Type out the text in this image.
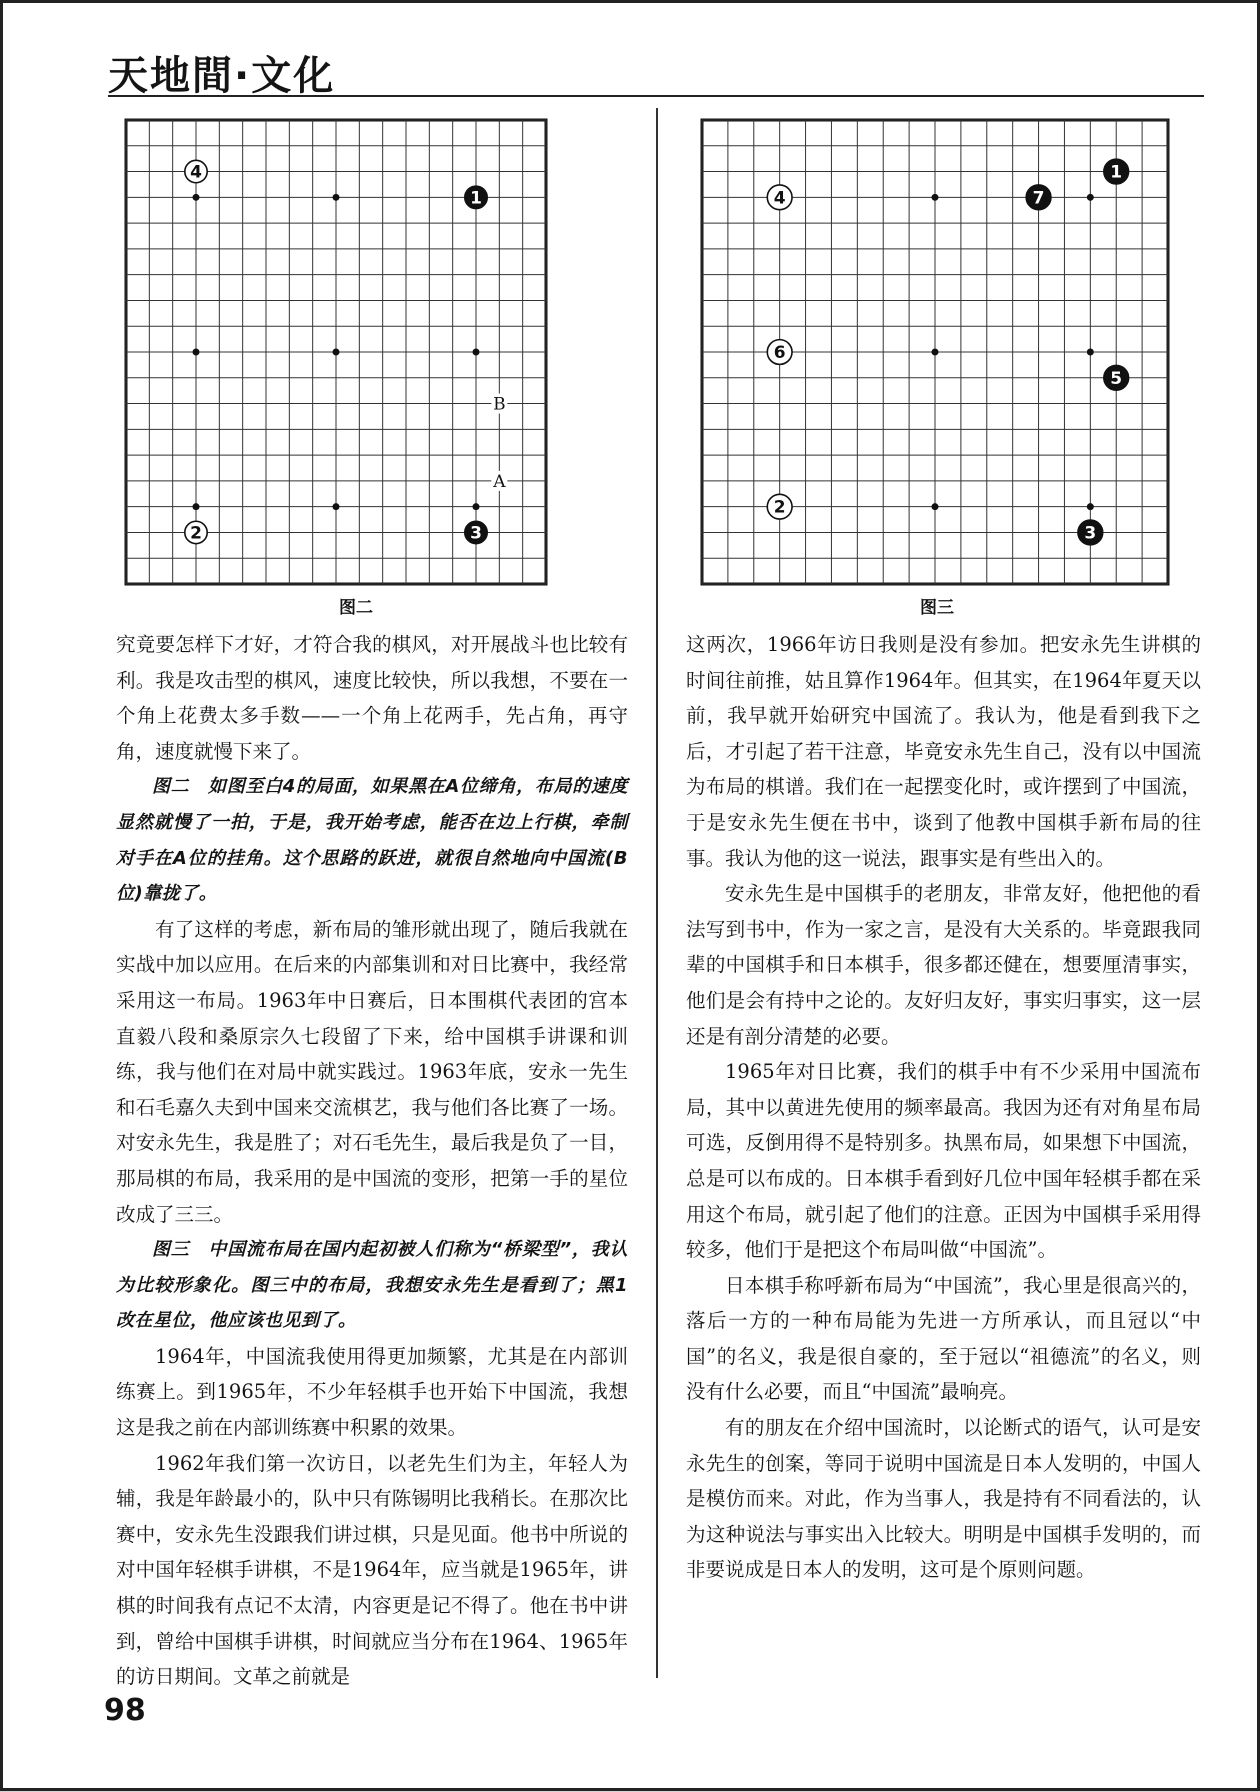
天地間·文化
4
1
2	3
B
A
图二
1
7
4
6
5
2
3
图三

究竟要怎样下才好，才符合我的棋风，对开展战斗也比较有利。我是攻击型的棋风，速度比较快，所以我想，不要在一个角上花费太多手数——一个角上花两手，先占角，再守角，速度就慢下来了。

图二　如图至白4的局面，如果黑在A位缔角，布局的速度显然就慢了一拍，于是，我开始考虑，能否在边上行棋，牵制对手在A位的挂角。这个思路的跃进，就很自然地向中国流(B位)靠拢了。

有了这样的考虑，新布局的雏形就出现了，随后我就在实战中加以应用。在后来的内部集训和对日比赛中，我经常采用这一布局。1963年中日赛后，日本围棋代表团的宫本直毅八段和桑原宗久七段留了下来，给中国棋手讲课和训练，我与他们在对局中就实践过。1963年底，安永一先生和石毛嘉久夫到中国来交流棋艺，我与他们各比赛了一场。对安永先生，我是胜了；对石毛先生，最后我是负了一目，那局棋的布局，我采用的是中国流的变形，把第一手的星位改成了三三。

图三　中国流布局在国内起初被人们称为“桥梁型”，我认为比较形象化。图三中的布局，我想安永先生是看到了；黑1改在星位，他应该也见到了。

1964年，中国流我使用得更加频繁，尤其是在内部训练赛上。到1965年，不少年轻棋手也开始下中国流，我想这是我之前在内部训练赛中积累的效果。

1962年我们第一次访日，以老先生们为主，年轻人为辅，我是年龄最小的，队中只有陈锡明比我稍长。在那次比赛中，安永先生没跟我们讲过棋，只是见面。他书中所说的对中国年轻棋手讲棋，不是1964年，应当就是1965年，讲棋的时间我有点记不太清，内容更是记不得了。他在书中讲到，曾给中国棋手讲棋，时间就应当分布在1964、1965年的访日期间。文革之前就是

这两次，1966年访日我则是没有参加。把安永先生讲棋的时间往前推，姑且算作1964年。但其实，在1964年夏天以前，我早就开始研究中国流了。我认为，他是看到我下之后，才引起了若干注意，毕竟安永先生自己，没有以中国流为布局的棋谱。我们在一起摆变化时，或许摆到了中国流，于是安永先生便在书中，谈到了他教中国棋手新布局的往事。我认为他的这一说法，跟事实是有些出入的。

安永先生是中国棋手的老朋友，非常友好，他把他的看法写到书中，作为一家之言，是没有大关系的。毕竟跟我同辈的中国棋手和日本棋手，很多都还健在，想要厘清事实，他们是会有持中之论的。友好归友好，事实归事实，这一层还是有剖分清楚的必要。

1965年对日比赛，我们的棋手中有不少采用中国流布局，其中以黄进先使用的频率最高。我因为还有对角星布局可选，反倒用得不是特别多。执黑布局，如果想下中国流，总是可以布成的。日本棋手看到好几位中国年轻棋手都在采用这个布局，就引起了他们的注意。正因为中国棋手采用得较多，他们于是把这个布局叫做“中国流”。

日本棋手称呼新布局为“中国流”，我心里是很高兴的，落后一方的一种布局能为先进一方所承认，而且冠以“中国”的名义，我是很自豪的，至于冠以“祖德流”的名义，则没有什么必要，而且“中国流”最响亮。

有的朋友在介绍中国流时，以论断式的语气，认可是安永先生的创案，等同于说明中国流是日本人发明的，中国人是模仿而来。对此，作为当事人，我是持有不同看法的，认为这种说法与事实出入比较大。明明是中国棋手发明的，而非要说成是日本人的发明，这可是个原则问题。

98
